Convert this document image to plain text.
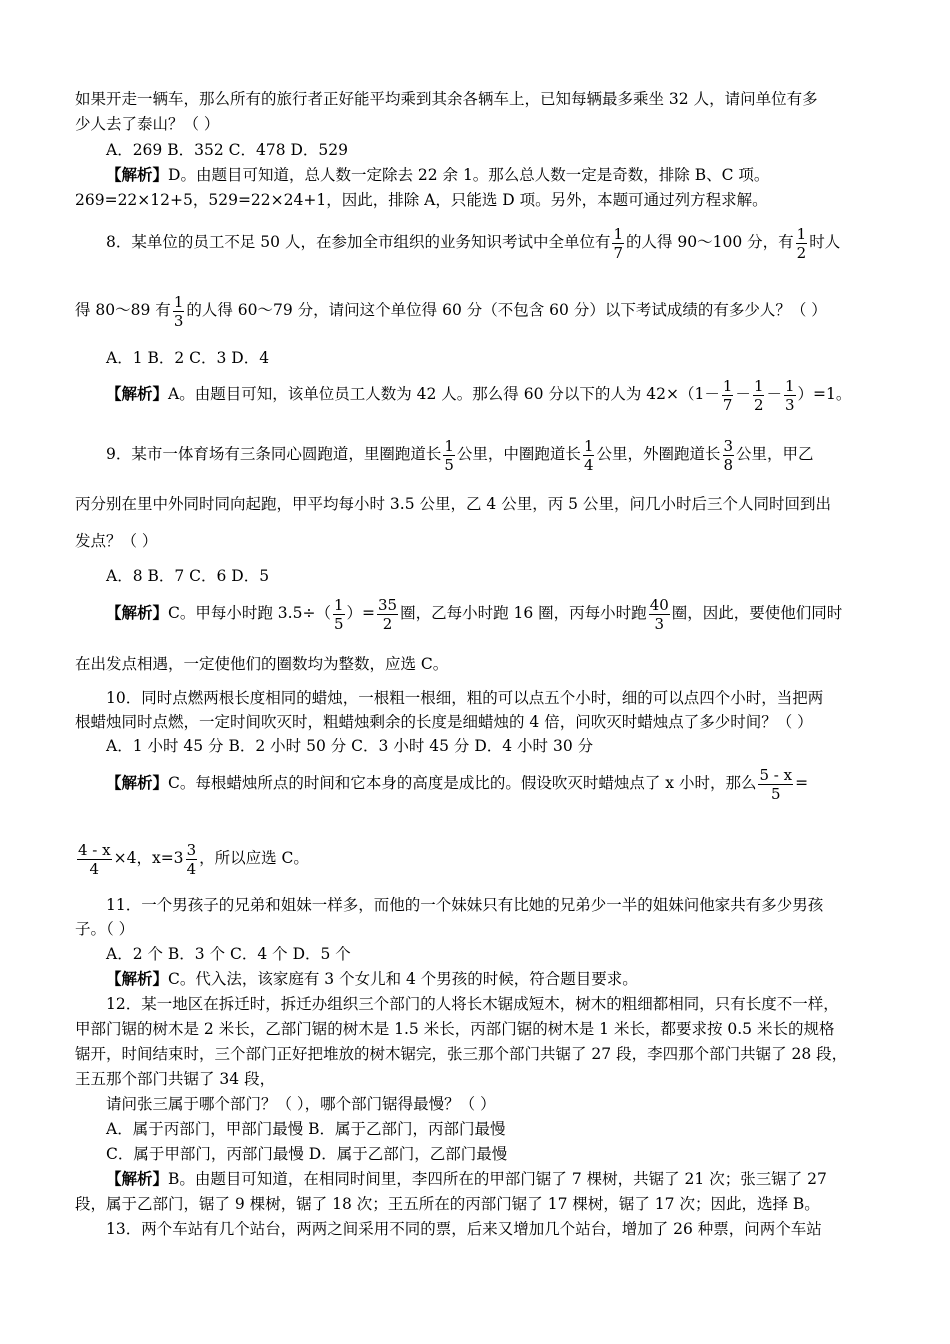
如果开走一辆车，那么所有的旅行者正好能平均乘到其余各辆车上，已知每辆最多乘坐 32 人，请问单位有多
少人去了泰山？（ ）
A．269 B．352 C．478 D．529
【解析】D。由题目可知道，总人数一定除去 22 余 1。那么总人数一定是奇数，排除 B、C 项。
269=22×12+5，529=22×24+1，因此，排除 A，只能选 D 项。另外，本题可通过列方程求解。
8．某单位的员工不足 50 人，在参加全市组织的业务知识考试中全单位有 $\frac{1}{7}$ 的人得 90～100 分，有 $\frac{1}{2}$ 时人
得 80～89 有 $\frac{1}{3}$ 的人得 60～79 分，请问这个单位得 60 分（不包含 60 分）以下考试成绩的有多少人？（ ）
A．1 B．2 C．3 D．4
【解析】A。由题目可知，该单位员工人数为 42 人。那么得 60 分以下的人为 $42\times(1- \frac{1}{7} - \frac{1}{2} - \frac{1}{3} )=1$。
9．某市一体育场有三条同心圆跑道，里圈跑道长 $\frac{1}{5}$ 公里，中圈跑道长 $\frac{1}{4}$ 公里，外圈跑道长 $\frac{3}{8}$ 公里，甲乙
丙分别在里中外同时同向起跑，甲平均每小时 3.5 公里，乙 4 公里，丙 5 公里，问几小时后三个人同时回到出
发点？（ ）
A．8 B．7 C．6 D．5
【解析】C。甲每小时跑 $3.5\div( \frac{1}{5}$ ）= $\frac{35}{2}$ 圈，乙每小时跑 16 圈，丙每小时跑 $\frac{40}{3}$ 圈，因此，要使他们同时
在出发点相遇，一定使他们的圈数均为整数，应选 C。
10．同时点燃两根长度相同的蜡烛，一根粗一根细，粗的可以点五个小时，细的可以点四个小时，当把两
根蜡烛同时点燃，一定时间吹灭时，粗蜡烛剩余的长度是细蜡烛的 4 倍，问吹灭时蜡烛点了多少时间？（ ）
A．1 小时 45 分 B．2 小时 50 分 C．3 小时 45 分 D．4 小时 30 分
【解析】C。每根蜡烛所点的时间和它本身的高度是成比的。假设吹灭时蜡烛点了 x 小时，那么 $\frac{5 - x}{5}$ =
$\frac{4 - x}{4} \times 4$，$x=3 \frac{3}{4}$ ，所以应选 C。
11．一个男孩子的兄弟和姐妹一样多，而他的一个妹妹只有比她的兄弟少一半的姐妹问他家共有多少男孩
子。（ ）
A．2 个 B．3 个 C．4 个 D．5 个
【解析】C。代入法，该家庭有 3 个女儿和 4 个男孩的时候，符合题目要求。
12．某一地区在拆迁时，拆迁办组织三个部门的人将长木锯成短木，树木的粗细都相同，只有长度不一样，
甲部门锯的树木是 2 米长，乙部门锯的树木是 1.5 米长，丙部门锯的树木是 1 米长，都要求按 0.5 米长的规格
锯开，时间结束时，三个部门正好把堆放的树木锯完，张三那个部门共锯了 27 段，李四那个部门共锯了 28 段，
王五那个部门共锯了 34 段，
请问张三属于哪个部门？（ ），哪个部门锯得最慢？（ ）
A．属于丙部门，甲部门最慢 B．属于乙部门，丙部门最慢
C．属于甲部门，丙部门最慢 D．属于乙部门，乙部门最慢
【解析】B。由题目可知道，在相同时间里，李四所在的甲部门锯了 7 棵树，共锯了 21 次；张三锯了 27
段，属于乙部门，锯了 9 棵树，锯了 18 次；王五所在的丙部门锯了 17 棵树，锯了 17 次；因此，选择 B。
13．两个车站有几个站台，两两之间采用不同的票，后来又增加几个站台，增加了 26 种票，问两个车站
